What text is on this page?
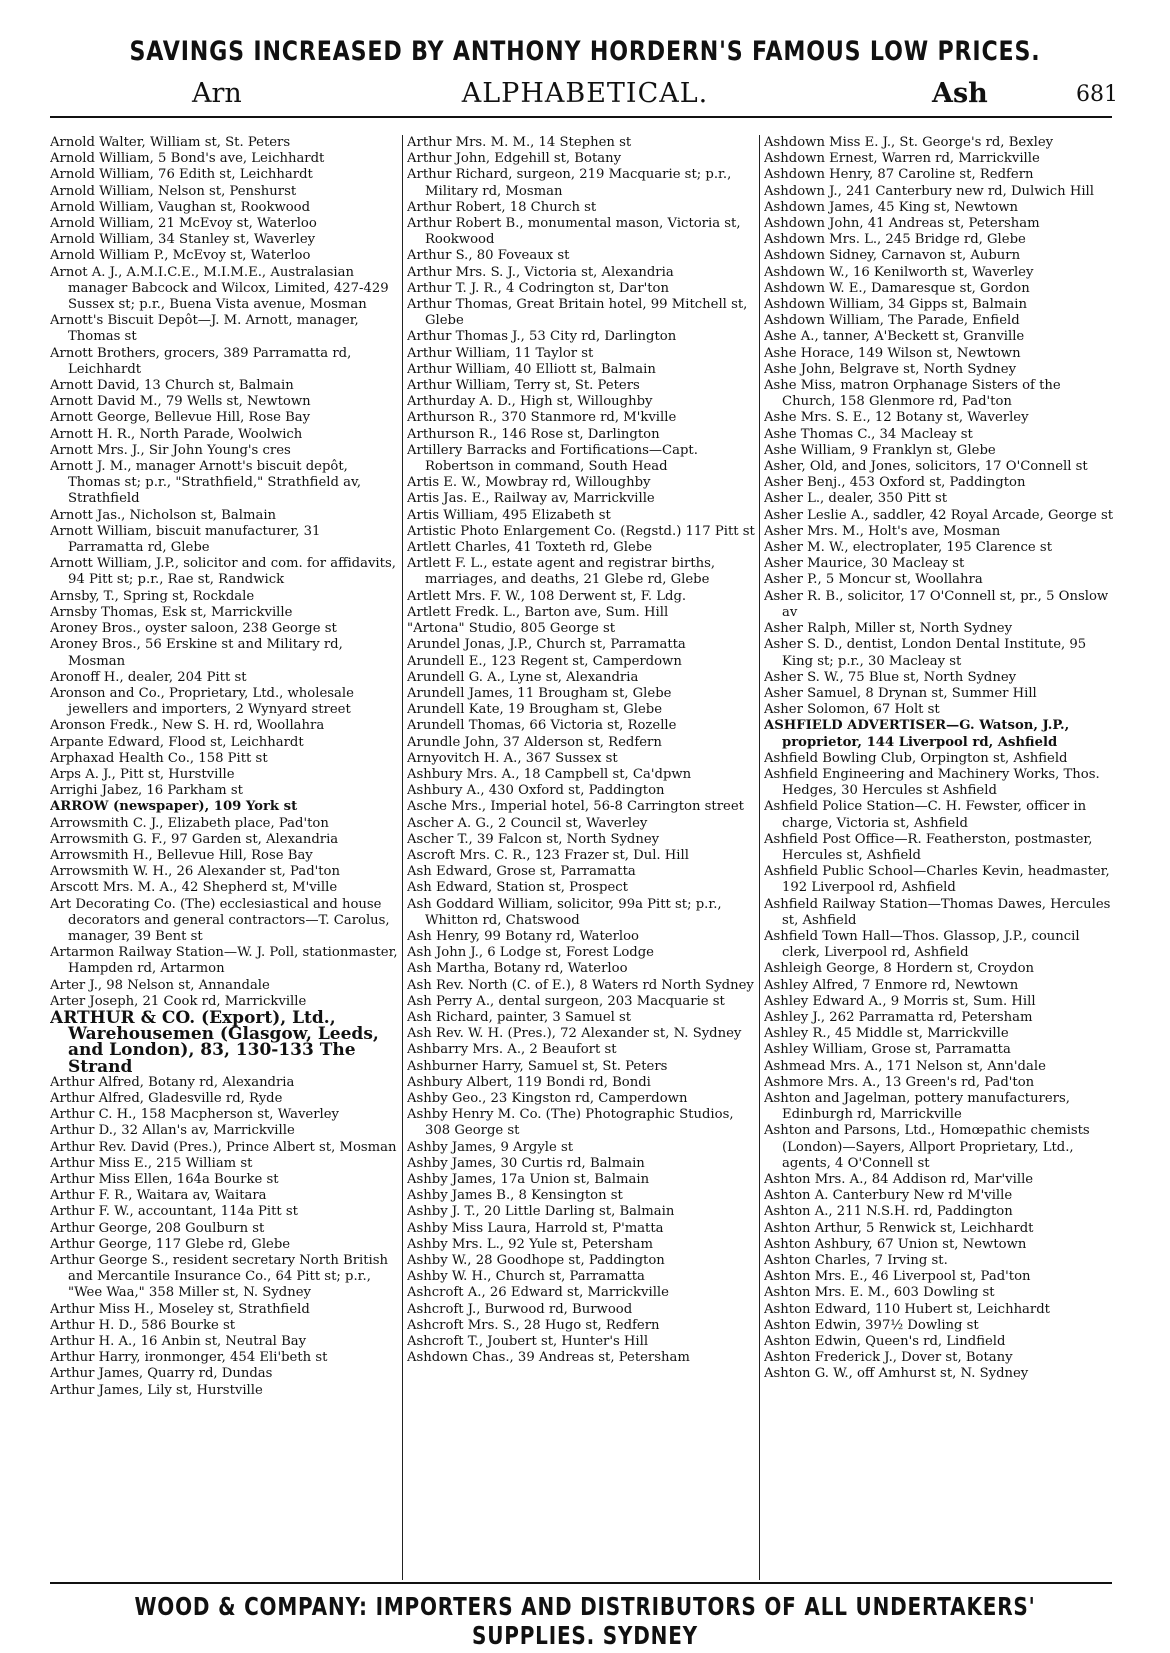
SAVINGS INCREASED BY ANTHONY HORDERN'S FAMOUS LOW PRICES.
Arn	ALPHABETICAL.	Ash	681

Arnold Walter, William st, St. Peters

Arnold William, 5 Bond's ave, Leichhardt

Arnold William, 76 Edith st, Leichhardt

Arnold William, Nelson st, Penshurst

Arnold William, Vaughan st, Rookwood

Arnold William, 21 McEvoy st, Waterloo

Arnold William, 34 Stanley st, Waverley

Arnold William P., McEvoy st, Waterloo

Arnot A. J., A.M.I.C.E., M.I.M.E., Australasian manager Babcock and Wilcox, Limited, 427-429 Sussex st; p.r., Buena Vista avenue, Mosman

Arnott's Biscuit Depôt—J. M. Arnott, manager, Thomas st

Arnott Brothers, grocers, 389 Parramatta rd, Leichhardt

Arnott David, 13 Church st, Balmain

Arnott David M., 79 Wells st, Newtown

Arnott George, Bellevue Hill, Rose Bay

Arnott H. R., North Parade, Woolwich

Arnott Mrs. J., Sir John Young's cres

Arnott J. M., manager Arnott's biscuit depôt, Thomas st; p.r., "Strathfield," Strathfield av, Strathfield

Arnott Jas., Nicholson st, Balmain

Arnott William, biscuit manufacturer, 31 Parramatta rd, Glebe

Arnott William, J.P., solicitor and com. for affidavits, 94 Pitt st; p.r., Rae st, Randwick

Arnsby, T., Spring st, Rockdale

Arnsby Thomas, Esk st, Marrickville

Aroney Bros., oyster saloon, 238 George st

Aroney Bros., 56 Erskine st and Military rd, Mosman

Aronoff H., dealer, 204 Pitt st

Aronson and Co., Proprietary, Ltd., wholesale jewellers and importers, 2 Wynyard street

Aronson Fredk., New S. H. rd, Woollahra

Arpante Edward, Flood st, Leichhardt

Arphaxad Health Co., 158 Pitt st

Arps A. J., Pitt st, Hurstville

Arrighi Jabez, 16 Parkham st

ARROW (newspaper), 109 York st

Arrowsmith C. J., Elizabeth place, Pad'ton

Arrowsmith G. F., 97 Garden st, Alexandria

Arrowsmith H., Bellevue Hill, Rose Bay

Arrowsmith W. H., 26 Alexander st, Pad'ton

Arscott Mrs. M. A., 42 Shepherd st, M'ville

Art Decorating Co. (The) ecclesiastical and house decorators and general contractors—T. Carolus, manager, 39 Bent st

Artarmon Railway Station—W. J. Poll, stationmaster, Hampden rd, Artarmon

Arter J., 98 Nelson st, Annandale

Arter Joseph, 21 Cook rd, Marrickville

ARTHUR & CO. (Export), Ltd., Warehousemen (Glasgow, Leeds, and London), 83, 130-133 The Strand

Arthur Alfred, Botany rd, Alexandria

Arthur Alfred, Gladesville rd, Ryde

Arthur C. H., 158 Macpherson st, Waverley

Arthur D., 32 Allan's av, Marrickville

Arthur Rev. David (Pres.), Prince Albert st, Mosman

Arthur Miss E., 215 William st

Arthur Miss Ellen, 164a Bourke st

Arthur F. R., Waitara av, Waitara

Arthur F. W., accountant, 114a Pitt st

Arthur George, 208 Goulburn st

Arthur George, 117 Glebe rd, Glebe

Arthur George S., resident secretary North British and Mercantile Insurance Co., 64 Pitt st; p.r., "Wee Waa," 358 Miller st, N. Sydney

Arthur Miss H., Moseley st, Strathfield

Arthur H. D., 586 Bourke st

Arthur H. A., 16 Anbin st, Neutral Bay

Arthur Harry, ironmonger, 454 Eli'beth st

Arthur James, Quarry rd, Dundas

Arthur James, Lily st, Hurstville

Arthur Mrs. M. M., 14 Stephen st

Arthur John, Edgehill st, Botany

Arthur Richard, surgeon, 219 Macquarie st; p.r., Military rd, Mosman

Arthur Robert, 18 Church st

Arthur Robert B., monumental mason, Victoria st, Rookwood

Arthur S., 80 Foveaux st

Arthur Mrs. S. J., Victoria st, Alexandria

Arthur T. J. R., 4 Codrington st, Dar'ton

Arthur Thomas, Great Britain hotel, 99 Mitchell st, Glebe

Arthur Thomas J., 53 City rd, Darlington

Arthur William, 11 Taylor st

Arthur William, 40 Elliott st, Balmain

Arthur William, Terry st, St. Peters

Arthurday A. D., High st, Willoughby

Arthurson R., 370 Stanmore rd, M'kville

Arthurson R., 146 Rose st, Darlington

Artillery Barracks and Fortifications—Capt. Robertson in command, South Head

Artis E. W., Mowbray rd, Willoughby

Artis Jas. E., Railway av, Marrickville

Artis William, 495 Elizabeth st

Artistic Photo Enlargement Co. (Regstd.) 117 Pitt st

Artlett Charles, 41 Toxteth rd, Glebe

Artlett F. L., estate agent and registrar births, marriages, and deaths, 21 Glebe rd, Glebe

Artlett Mrs. F. W., 108 Derwent st, F. Ldg.

Artlett Fredk. L., Barton ave, Sum. Hill

"Artona" Studio, 805 George st

Arundel Jonas, J.P., Church st, Parramatta

Arundell E., 123 Regent st, Camperdown

Arundell G. A., Lyne st, Alexandria

Arundell James, 11 Brougham st, Glebe

Arundell Kate, 19 Brougham st, Glebe

Arundell Thomas, 66 Victoria st, Rozelle

Arundle John, 37 Alderson st, Redfern

Arnyovitch H. A., 367 Sussex st

Ashbury Mrs. A., 18 Campbell st, Ca'dpwn

Ashbury A., 430 Oxford st, Paddington

Asche Mrs., Imperial hotel, 56-8 Carrington street

Ascher A. G., 2 Council st, Waverley

Ascher T., 39 Falcon st, North Sydney

Ascroft Mrs. C. R., 123 Frazer st, Dul. Hill

Ash Edward, Grose st, Parramatta

Ash Edward, Station st, Prospect

Ash Goddard William, solicitor, 99a Pitt st; p.r., Whitton rd, Chatswood

Ash Henry, 99 Botany rd, Waterloo

Ash John J., 6 Lodge st, Forest Lodge

Ash Martha, Botany rd, Waterloo

Ash Rev. North (C. of E.), 8 Waters rd North Sydney

Ash Perry A., dental surgeon, 203 Macquarie st

Ash Richard, painter, 3 Samuel st

Ash Rev. W. H. (Pres.), 72 Alexander st, N. Sydney

Ashbarry Mrs. A., 2 Beaufort st

Ashburner Harry, Samuel st, St. Peters

Ashbury Albert, 119 Bondi rd, Bondi

Ashby Geo., 23 Kingston rd, Camperdown

Ashby Henry M. Co. (The) Photographic Studios, 308 George st

Ashby James, 9 Argyle st

Ashby James, 30 Curtis rd, Balmain

Ashby James, 17a Union st, Balmain

Ashby James B., 8 Kensington st

Ashby J. T., 20 Little Darling st, Balmain

Ashby Miss Laura, Harrold st, P'matta

Ashby Mrs. L., 92 Yule st, Petersham

Ashby W., 28 Goodhope st, Paddington

Ashby W. H., Church st, Parramatta

Ashcroft A., 26 Edward st, Marrickville

Ashcroft J., Burwood rd, Burwood

Ashcroft Mrs. S., 28 Hugo st, Redfern

Ashcroft T., Joubert st, Hunter's Hill

Ashdown Chas., 39 Andreas st, Petersham

Ashdown Miss E. J., St. George's rd, Bexley

Ashdown Ernest, Warren rd, Marrickville

Ashdown Henry, 87 Caroline st, Redfern

Ashdown J., 241 Canterbury new rd, Dulwich Hill

Ashdown James, 45 King st, Newtown

Ashdown John, 41 Andreas st, Petersham

Ashdown Mrs. L., 245 Bridge rd, Glebe

Ashdown Sidney, Carnavon st, Auburn

Ashdown W., 16 Kenilworth st, Waverley

Ashdown W. E., Damaresque st, Gordon

Ashdown William, 34 Gipps st, Balmain

Ashdown William, The Parade, Enfield

Ashe A., tanner, A'Beckett st, Granville

Ashe Horace, 149 Wilson st, Newtown

Ashe John, Belgrave st, North Sydney

Ashe Miss, matron Orphanage Sisters of the Church, 158 Glenmore rd, Pad'ton

Ashe Mrs. S. E., 12 Botany st, Waverley

Ashe Thomas C., 34 Macleay st

Ashe William, 9 Franklyn st, Glebe

Asher, Old, and Jones, solicitors, 17 O'Connell st

Asher Benj., 453 Oxford st, Paddington

Asher L., dealer, 350 Pitt st

Asher Leslie A., saddler, 42 Royal Arcade, George st

Asher Mrs. M., Holt's ave, Mosman

Asher M. W., electroplater, 195 Clarence st

Asher Maurice, 30 Macleay st

Asher P., 5 Moncur st, Woollahra

Asher R. B., solicitor, 17 O'Connell st, pr., 5 Onslow av

Asher Ralph, Miller st, North Sydney

Asher S. D., dentist, London Dental Institute, 95 King st; p.r., 30 Macleay st

Asher S. W., 75 Blue st, North Sydney

Asher Samuel, 8 Drynan st, Summer Hill

Asher Solomon, 67 Holt st

ASHFIELD ADVERTISER—G. Watson, J.P., proprietor, 144 Liverpool rd, Ashfield

Ashfield Bowling Club, Orpington st, Ashfield

Ashfield Engineering and Machinery Works, Thos. Hedges, 30 Hercules st Ashfield

Ashfield Police Station—C. H. Fewster, officer in charge, Victoria st, Ashfield

Ashfield Post Office—R. Featherston, postmaster, Hercules st, Ashfield

Ashfield Public School—Charles Kevin, headmaster, 192 Liverpool rd, Ashfield

Ashfield Railway Station—Thomas Dawes, Hercules st, Ashfield

Ashfield Town Hall—Thos. Glassop, J.P., council clerk, Liverpool rd, Ashfield

Ashleigh George, 8 Hordern st, Croydon

Ashley Alfred, 7 Enmore rd, Newtown

Ashley Edward A., 9 Morris st, Sum. Hill

Ashley J., 262 Parramatta rd, Petersham

Ashley R., 45 Middle st, Marrickville

Ashley William, Grose st, Parramatta

Ashmead Mrs. A., 171 Nelson st, Ann'dale

Ashmore Mrs. A., 13 Green's rd, Pad'ton

Ashton and Jagelman, pottery manufacturers, Edinburgh rd, Marrickville

Ashton and Parsons, Ltd., Homœpathic chemists (London)—Sayers, Allport Proprietary, Ltd., agents, 4 O'Connell st

Ashton Mrs. A., 84 Addison rd, Mar'ville

Ashton A. Canterbury New rd M'ville

Ashton A., 211 N.S.H. rd, Paddington

Ashton Arthur, 5 Renwick st, Leichhardt

Ashton Ashbury, 67 Union st, Newtown

Ashton Charles, 7 Irving st.

Ashton Mrs. E., 46 Liverpool st, Pad'ton

Ashton Mrs. E. M., 603 Dowling st

Ashton Edward, 110 Hubert st, Leichhardt

Ashton Edwin, 397½ Dowling st

Ashton Edwin, Queen's rd, Lindfield

Ashton Frederick J., Dover st, Botany

Ashton G. W., off Amhurst st, N. Sydney

WOOD & COMPANY: IMPORTERS AND DISTRIBUTORS OF ALL UNDERTAKERS' SUPPLIES. SYDNEY
